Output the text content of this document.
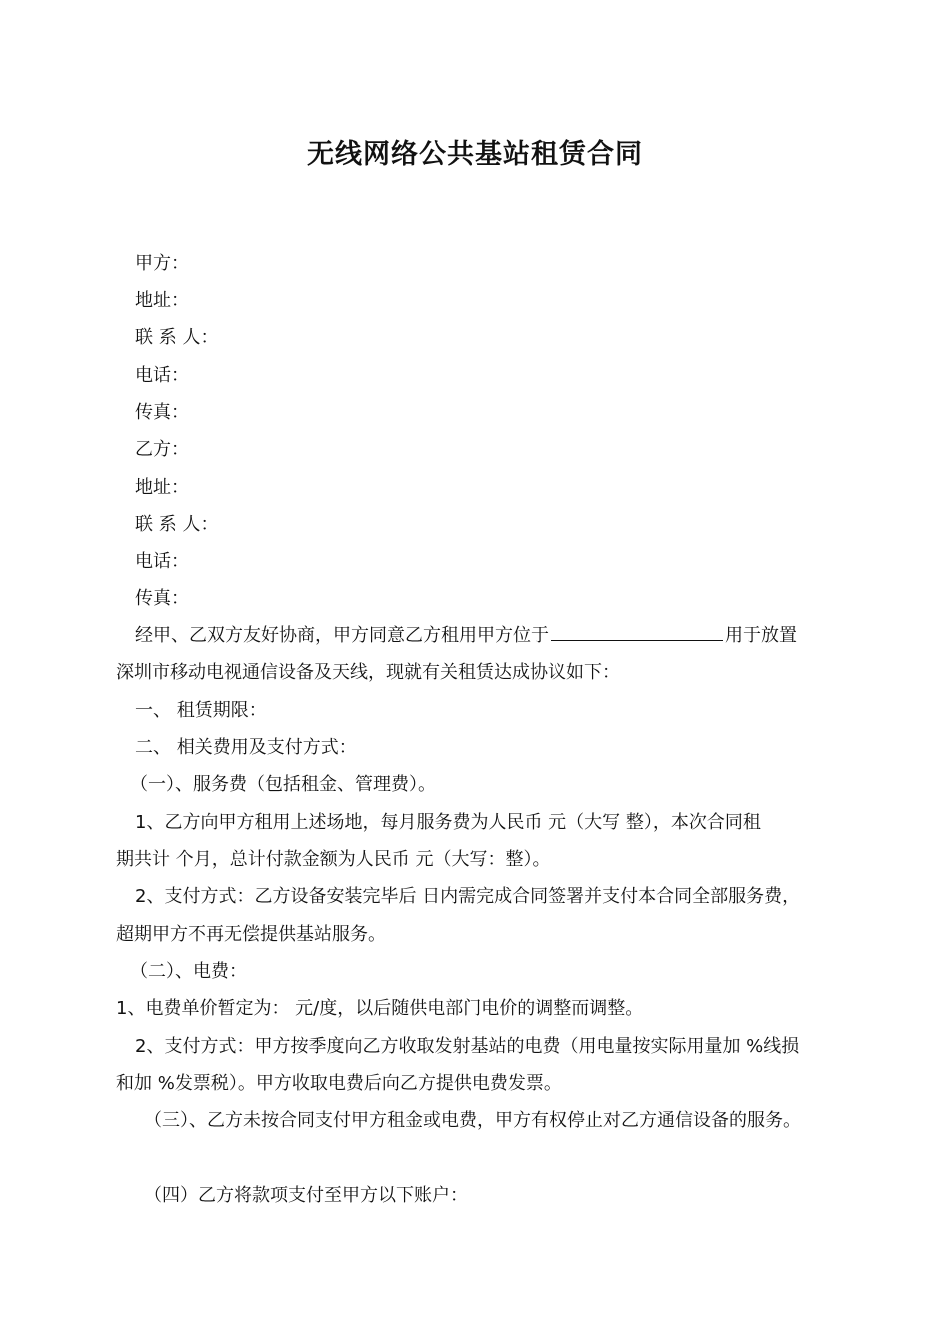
无线网络公共基站租赁合同
甲方：
地址：
联 系 人：
电话：
传真：
乙方：
地址：
联 系 人：
电话：
传真：
经甲、乙双方友好协商，甲方同意乙方租用甲方位于	用于放置
深圳市移动电视通信设备及天线，现就有关租赁达成协议如下：
一、 租赁期限：
二、 相关费用及支付方式：
（一）、服务费（包括租金、管理费）。
1、乙方向甲方租用上述场地，每月服务费为人民币 元（大写 整），本次合同租
期共计 个月，总计付款金额为人民币 元（大写：整）。
2、支付方式：乙方设备安装完毕后 日内需完成合同签署并支付本合同全部服务费，
超期甲方不再无偿提供基站服务。
（二）、电费：
1、电费单价暂定为： 元/度，以后随供电部门电价的调整而调整。
2、支付方式：甲方按季度向乙方收取发射基站的电费（用电量按实际用量加 %线损
和加 %发票税）。甲方收取电费后向乙方提供电费发票。
（三）、乙方未按合同支付甲方租金或电费，甲方有权停止对乙方通信设备的服务。
（四）乙方将款项支付至甲方以下账户：
